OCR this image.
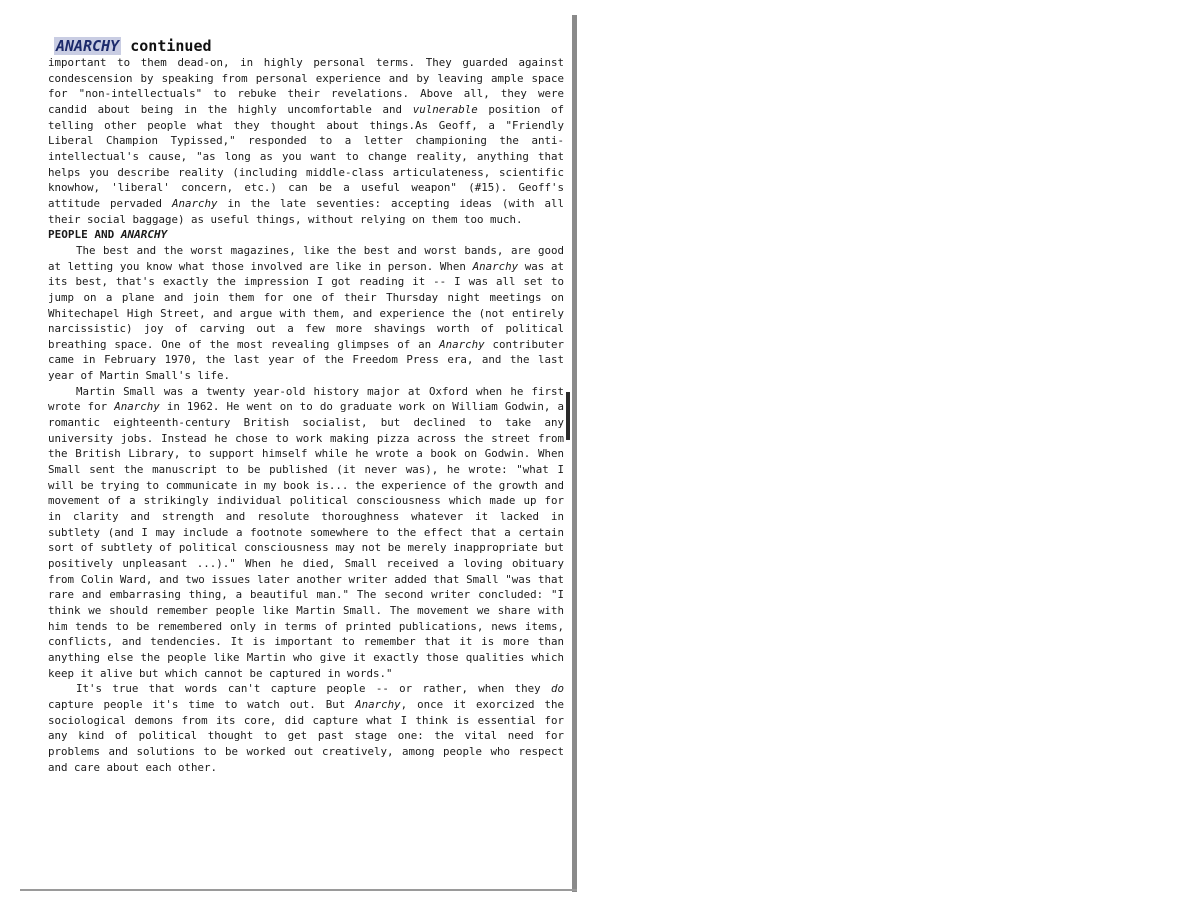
ANARCHY continued

important to them dead-on, in highly personal terms. They guarded against condescension by speaking from personal experience and by leaving ample space for "non-intellectuals" to rebuke their revelations. Above all, they were candid about being in the highly uncomfortable and vulnerable position of telling other people what they thought about things.As Geoff, a "Friendly Liberal Champion Typissed," responded to a letter championing the anti-intellectual's cause, "as long as you want to change reality, anything that helps you describe reality (including middle-class articulateness, scientific knowhow, 'liberal' concern, etc.) can be a useful weapon" (#15). Geoff's attitude pervaded Anarchy in the late seventies: accepting ideas (with all their social baggage) as useful things, without relying on them too much.

PEOPLE AND ANARCHY

The best and the worst magazines, like the best and worst bands, are good at letting you know what those involved are like in person. When Anarchy was at its best, that's exactly the impression I got reading it -- I was all set to jump on a plane and join them for one of their Thursday night meetings on Whitechapel High Street, and argue with them, and experience the (not entirely narcissistic) joy of carving out a few more shavings worth of political breathing space. One of the most revealing glimpses of an Anarchy contributer came in February 1970, the last year of the Freedom Press era, and the last year of Martin Small's life.

Martin Small was a twenty year-old history major at Oxford when he first wrote for Anarchy in 1962. He went on to do graduate work on William Godwin, a romantic eighteenth-century British socialist, but declined to take any university jobs. Instead he chose to work making pizza across the street from the British Library, to support himself while he wrote a book on Godwin. When Small sent the manuscript to be published (it never was), he wrote: "what I will be trying to communicate in my book is... the experience of the growth and movement of a strikingly individual political consciousness which made up for in clarity and strength and resolute thoroughness whatever it lacked in subtlety (and I may include a footnote somewhere to the effect that a certain sort of subtlety of political consciousness may not be merely inappropriate but positively unpleasant ...)." When he died, Small received a loving obituary from Colin Ward, and two issues later another writer added that Small "was that rare and embarrasing thing, a beautiful man." The second writer concluded: "I think we should remember people like Martin Small. The movement we share with him tends to be remembered only in terms of printed publications, news items, conflicts, and tendencies. It is important to remember that it is more than anything else the people like Martin who give it exactly those qualities which keep it alive but which cannot be captured in words."

It's true that words can't capture people -- or rather, when they do capture people it's time to watch out. But Anarchy, once it exorcized the sociological demons from its core, did capture what I think is essential for any kind of political thought to get past stage one: the vital need for problems and solutions to be worked out creatively, among people who respect and care about each other.
